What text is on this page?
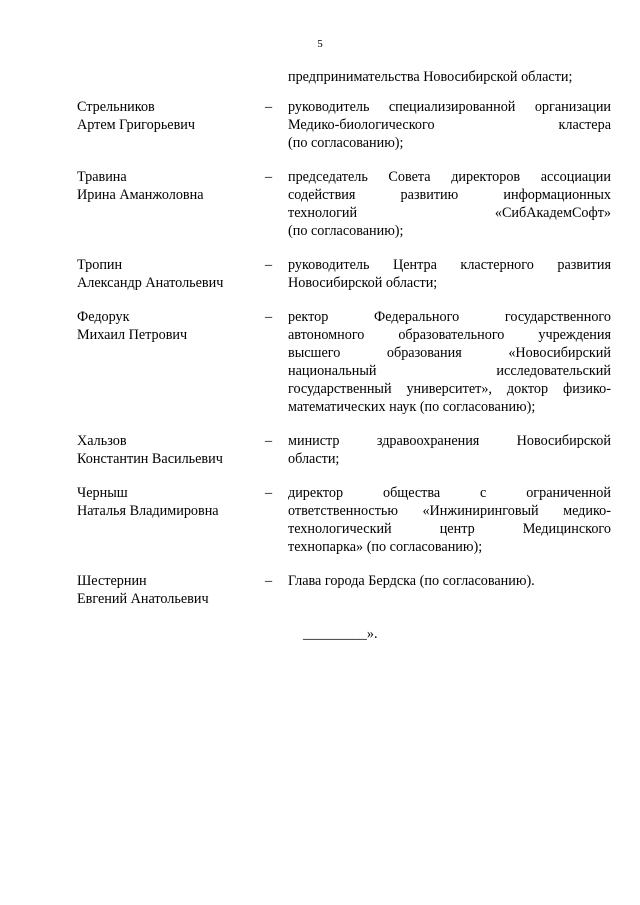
5
предпринимательства Новосибирской области;
Стрельников
Артем Григорьевич
–	руководитель специализированной организации
Медико-биологического кластера
(по согласованию);
Травина
Ирина Аманжоловна
–	председатель Совета директоров ассоциации
содействия развитию информационных
технологий «СибАкадемСофт»
(по согласованию);
Тропин
Александр Анатольевич
–	руководитель Центра кластерного развития
Новосибирской области;
Федорук
Михаил Петрович
–	ректор Федерального государственного
автономного образовательного учреждения
высшего образования «Новосибирский
национальный исследовательский
государственный университет», доктор физико-
математических наук (по согласованию);
Хальзов
Константин Васильевич
–	министр здравоохранения Новосибирской
области;
Черныш
Наталья Владимировна
–	директор общества с ограниченной
ответственностью «Инжиниринговый медико-
технологический центр Медицинского
технопарка» (по согласованию);
Шестернин
Евгений Анатольевич
–	Глава города Бердска (по согласованию).
_________».
